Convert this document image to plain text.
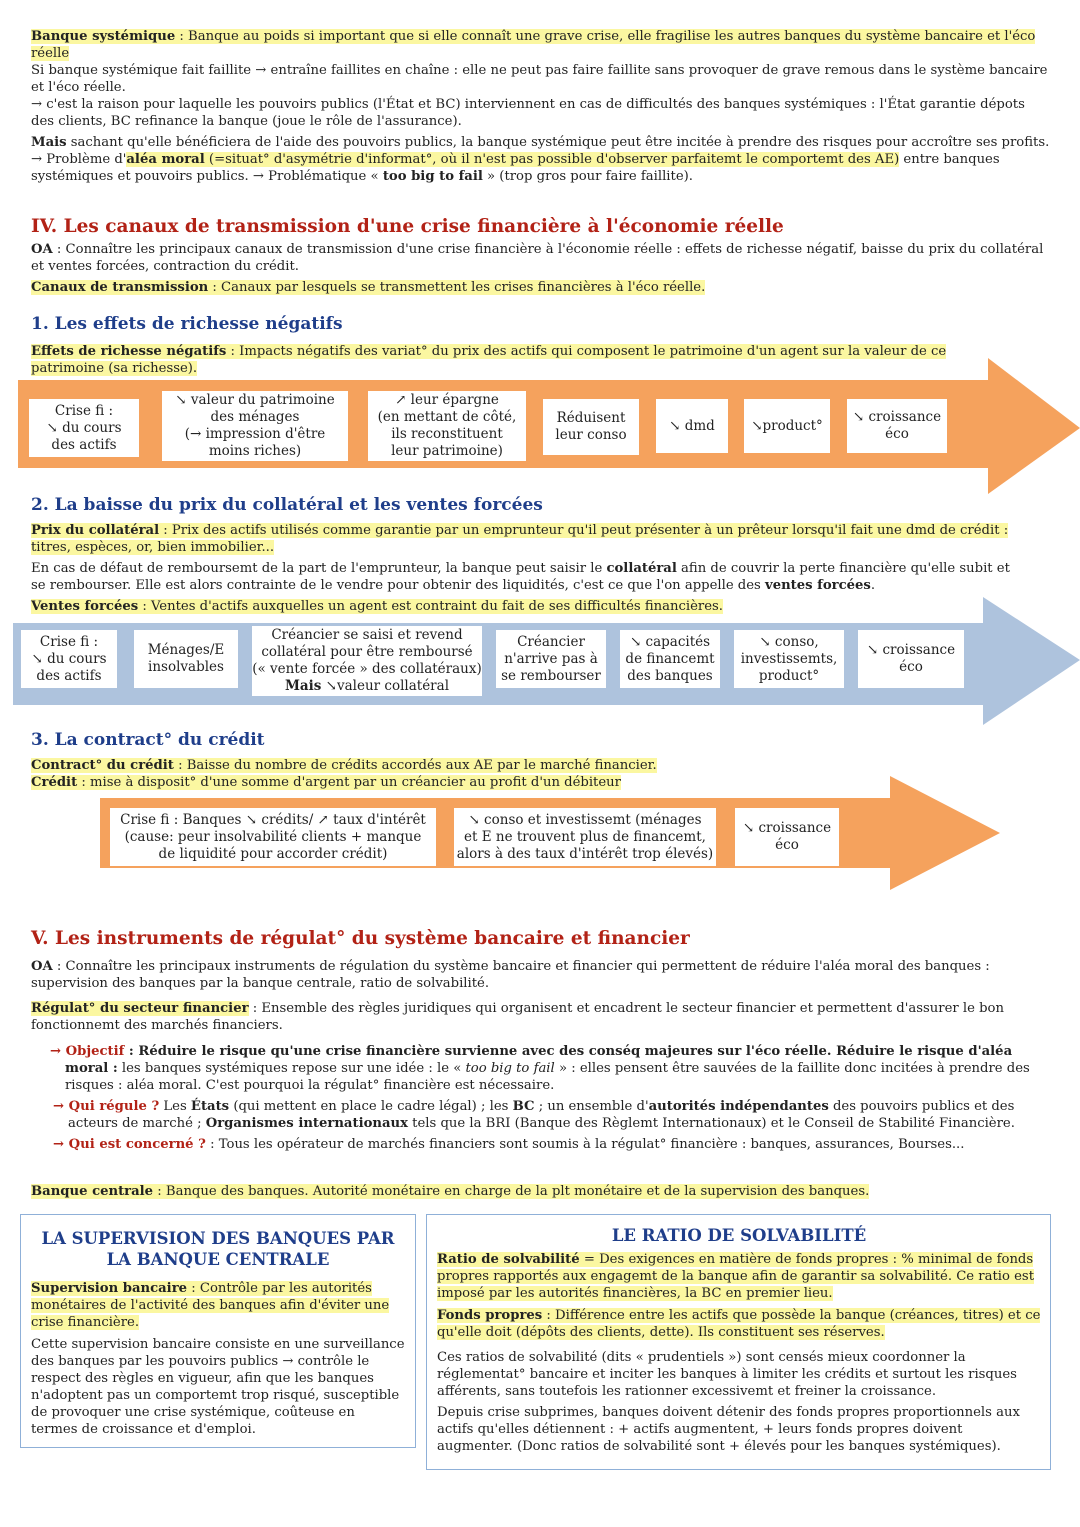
Banque systémique : Banque au poids si important que si elle connaît une grave crise, elle fragilise les autres banques du système bancaire et l'éco réelle

Si banque systémique fait faillite → entraîne faillites en chaîne : elle ne peut pas faire faillite sans provoquer de grave remous dans le système bancaire et l'éco réelle.

→ c'est la raison pour laquelle les pouvoirs publics (l'État et BC) interviennent en cas de difficultés des banques systémiques : l'État garantie dépots des clients, BC refinance la banque (joue le rôle de l'assurance).

Mais sachant qu'elle bénéficiera de l'aide des pouvoirs publics, la banque systémique peut être incitée à prendre des risques pour accroître ses profits. → Problème d'aléa moral (=situat° d'asymétrie d'informat°, où il n'est pas possible d'observer parfaitemt le comportemt des AE) entre banques systémiques et pouvoirs publics. → Problématique « too big to fail » (trop gros pour faire faillite).

IV. Les canaux de transmission d'une crise financière à l'économie réelle

OA : Connaître les principaux canaux de transmission d'une crise financière à l'économie réelle : effets de richesse négatif, baisse du prix du collatéral et ventes forcées, contraction du crédit.

Canaux de transmission : Canaux par lesquels se transmettent les crises financières à l'éco réelle.

1. Les effets de richesse négatifs

Effets de richesse négatifs : Impacts négatifs des variat° du prix des actifs qui composent le patrimoine d'un agent sur la valeur de ce patrimoine (sa richesse).

Crise fi :
↘ du cours
des actifs
↘ valeur du patrimoine
des ménages
(→ impression d'être
moins riches)
↗ leur épargne
(en mettant de côté,
ils reconstituent
leur patrimoine)
Réduisent
leur conso
↘ dmd	↘product°
↘ croissance
éco
2. La baisse du prix du collatéral et les ventes forcées

Prix du collatéral : Prix des actifs utilisés comme garantie par un emprunteur qu'il peut présenter à un prêteur lorsqu'il fait une dmd de crédit : titres, espèces, or, bien immobilier...

En cas de défaut de remboursemt de la part de l'emprunteur, la banque peut saisir le collatéral afin de couvrir la perte financière qu'elle subit et se rembourser. Elle est alors contrainte de le vendre pour obtenir des liquidités, c'est ce que l'on appelle des ventes forcées.

Ventes forcées : Ventes d'actifs auxquelles un agent est contraint du fait de ses difficultés financières.

Crise fi :
↘ du cours
des actifs
Ménages/E
insolvables
Créancier se saisi et revend
collatéral pour être remboursé
(« vente forcée » des collatéraux)
Mais ↘valeur collatéral
Créancier
n'arrive pas à
se rembourser
↘ capacités
de financemt
des banques
↘ conso,
investissemts,
product°
↘ croissance
éco
3. La contract° du crédit

Contract° du crédit : Baisse du nombre de crédits accordés aux AE par le marché financier.

Crédit : mise à disposit° d'une somme d'argent par un créancier au profit d'un débiteur

Crise fi : Banques ↘ crédits/ ↗ taux d'intérêt
(cause: peur insolvabilité clients + manque
de liquidité pour accorder crédit)
↘ conso et investissemt (ménages
et E ne trouvent plus de financemt,
alors à des taux d'intérêt trop élevés)
↘ croissance
éco
V. Les instruments de régulat° du système bancaire et financier

OA : Connaître les principaux instruments de régulation du système bancaire et financier qui permettent de réduire l'aléa moral des banques : supervision des banques par la banque centrale, ratio de solvabilité.

Régulat° du secteur financier : Ensemble des règles juridiques qui organisent et encadrent le secteur financier et permettent d'assurer le bon fonctionnemt des marchés financiers.

→ Objectif : Réduire le risque qu'une crise financière survienne avec des conséq majeures sur l'éco réelle. Réduire le risque d'aléa moral : les banques systémiques repose sur une idée : le « too big to fail » : elles pensent être sauvées de la faillite donc incitées à prendre des risques : aléa moral. C'est pourquoi la régulat° financière est nécessaire.

→ Qui régule ? Les États (qui mettent en place le cadre légal) ; les BC ; un ensemble d'autorités indépendantes des pouvoirs publics et des acteurs de marché ; Organismes internationaux tels que la BRI (Banque des Règlemt Internationaux) et le Conseil de Stabilité Financière.

→ Qui est concerné ? : Tous les opérateur de marchés financiers sont soumis à la régulat° financière : banques, assurances, Bourses...

Banque centrale : Banque des banques. Autorité monétaire en charge de la plt monétaire et de la supervision des banques.

LA SUPERVISION DES BANQUES PAR
LA BANQUE CENTRALE

Supervision bancaire : Contrôle par les autorités monétaires de l'activité des banques afin d'éviter une crise financière.

Cette supervision bancaire consiste en une surveillance des banques par les pouvoirs publics → contrôle le respect des règles en vigueur, afin que les banques n'adoptent pas un comportemt trop risqué, susceptible de provoquer une crise systémique, coûteuse en termes de croissance et d'emploi.

LE RATIO DE SOLVABILITÉ

Ratio de solvabilité = Des exigences en matière de fonds propres : % minimal de fonds propres rapportés aux engagemt de la banque afin de garantir sa solvabilité. Ce ratio est imposé par les autorités financières, la BC en premier lieu.

Fonds propres : Différence entre les actifs que possède la banque (créances, titres) et ce qu'elle doit (dépôts des clients, dette). Ils constituent ses réserves.

Ces ratios de solvabilité (dits « prudentiels ») sont censés mieux coordonner la réglementat° bancaire et inciter les banques à limiter les crédits et surtout les risques afférents, sans toutefois les rationner excessivemt et freiner la croissance.

Depuis crise subprimes, banques doivent détenir des fonds propres proportionnels aux actifs qu'elles détiennent : + actifs augmentent, + leurs fonds propres doivent augmenter. (Donc ratios de solvabilité sont + élevés pour les banques systémiques).
